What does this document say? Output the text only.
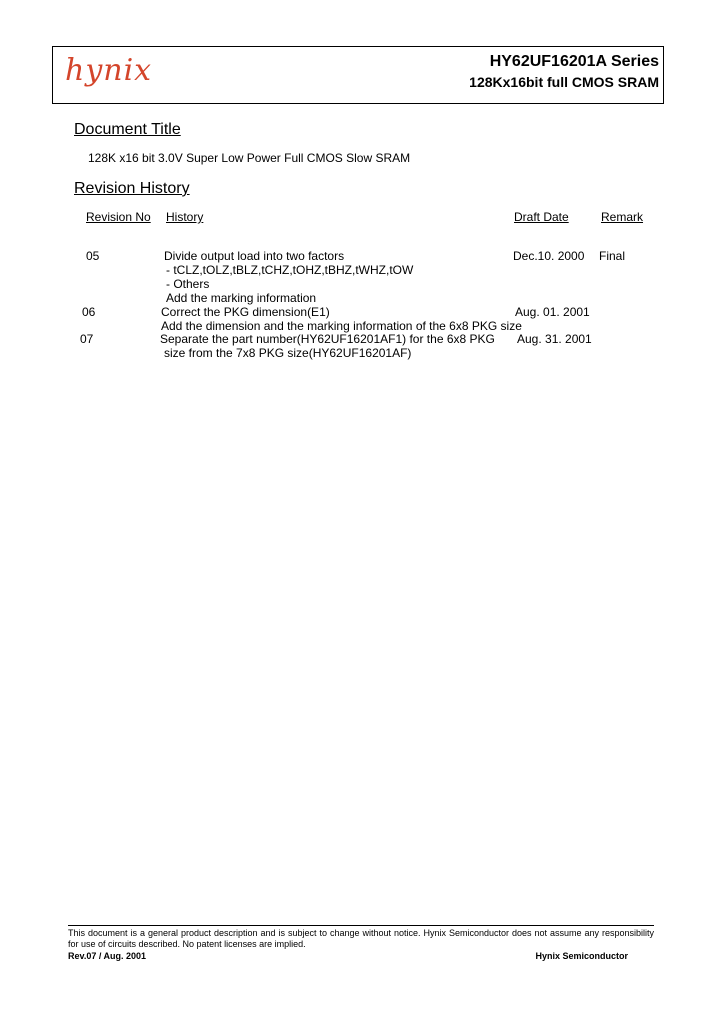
hynix	HY62UF16201A Series
128Kx16bit full CMOS SRAM
Document Title
128K x16 bit 3.0V Super Low Power Full CMOS Slow SRAM
Revision History
Revision No History	Draft Date	Remark
05	Divide output load into two factors
- tCLZ,tOLZ,tBLZ,tCHZ,tOHZ,tBHZ,tWHZ,tOW
- Others
Add the marking information
Dec.10. 2000 Final
06	Correct the PKG dimension(E1)
Add the dimension and the marking information of the 6x8 PKG size
Aug. 01. 2001
07	Separate the part number(HY62UF16201AF1) for the 6x8 PKG
size from the 7x8 PKG size(HY62UF16201AF)
Aug. 31. 2001
This document is a general product description and is subject to change without notice. Hynix Semiconductor does not assume any responsibility for use of circuits described. No patent licenses are implied.
Rev.07 / Aug. 2001	Hynix Semiconductor
